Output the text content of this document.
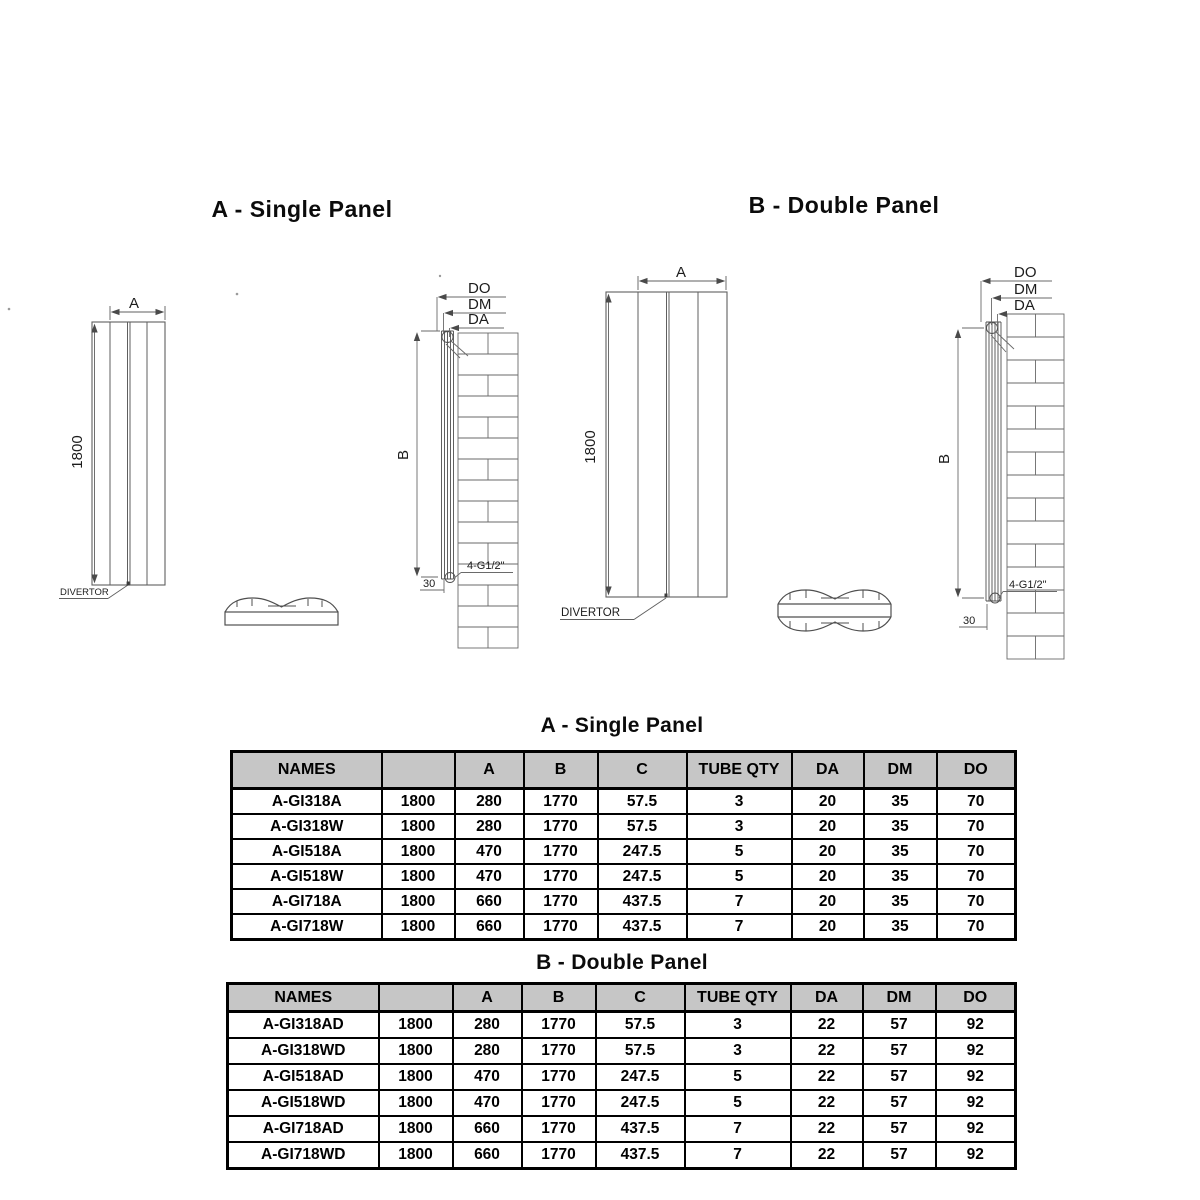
A - Single Panel	B - Double Panel
A
1800
DIVERTOR
B
DO
DM
DA
30
4-G1/2"
A
1800
DIVERTOR
B
DO
DM
DA
30
4-G1/2"
A - Single Panel
NAMES		A	B	C	TUBE QTY	DA	DM	DO
A-GI318A	1800	280	1770	57.5	3	20	35	70
A-GI318W	1800	280	1770	57.5	3	20	35	70
A-GI518A	1800	470	1770	247.5	5	20	35	70
A-GI518W	1800	470	1770	247.5	5	20	35	70
A-GI718A	1800	660	1770	437.5	7	20	35	70
A-GI718W	1800	660	1770	437.5	7	20	35	70
B - Double Panel
NAMES		A	B	C	TUBE QTY	DA	DM	DO
A-GI318AD	1800	280	1770	57.5	3	22	57	92
A-GI318WD	1800	280	1770	57.5	3	22	57	92
A-GI518AD	1800	470	1770	247.5	5	22	57	92
A-GI518WD	1800	470	1770	247.5	5	22	57	92
A-GI718AD	1800	660	1770	437.5	7	22	57	92
A-GI718WD	1800	660	1770	437.5	7	22	57	92
